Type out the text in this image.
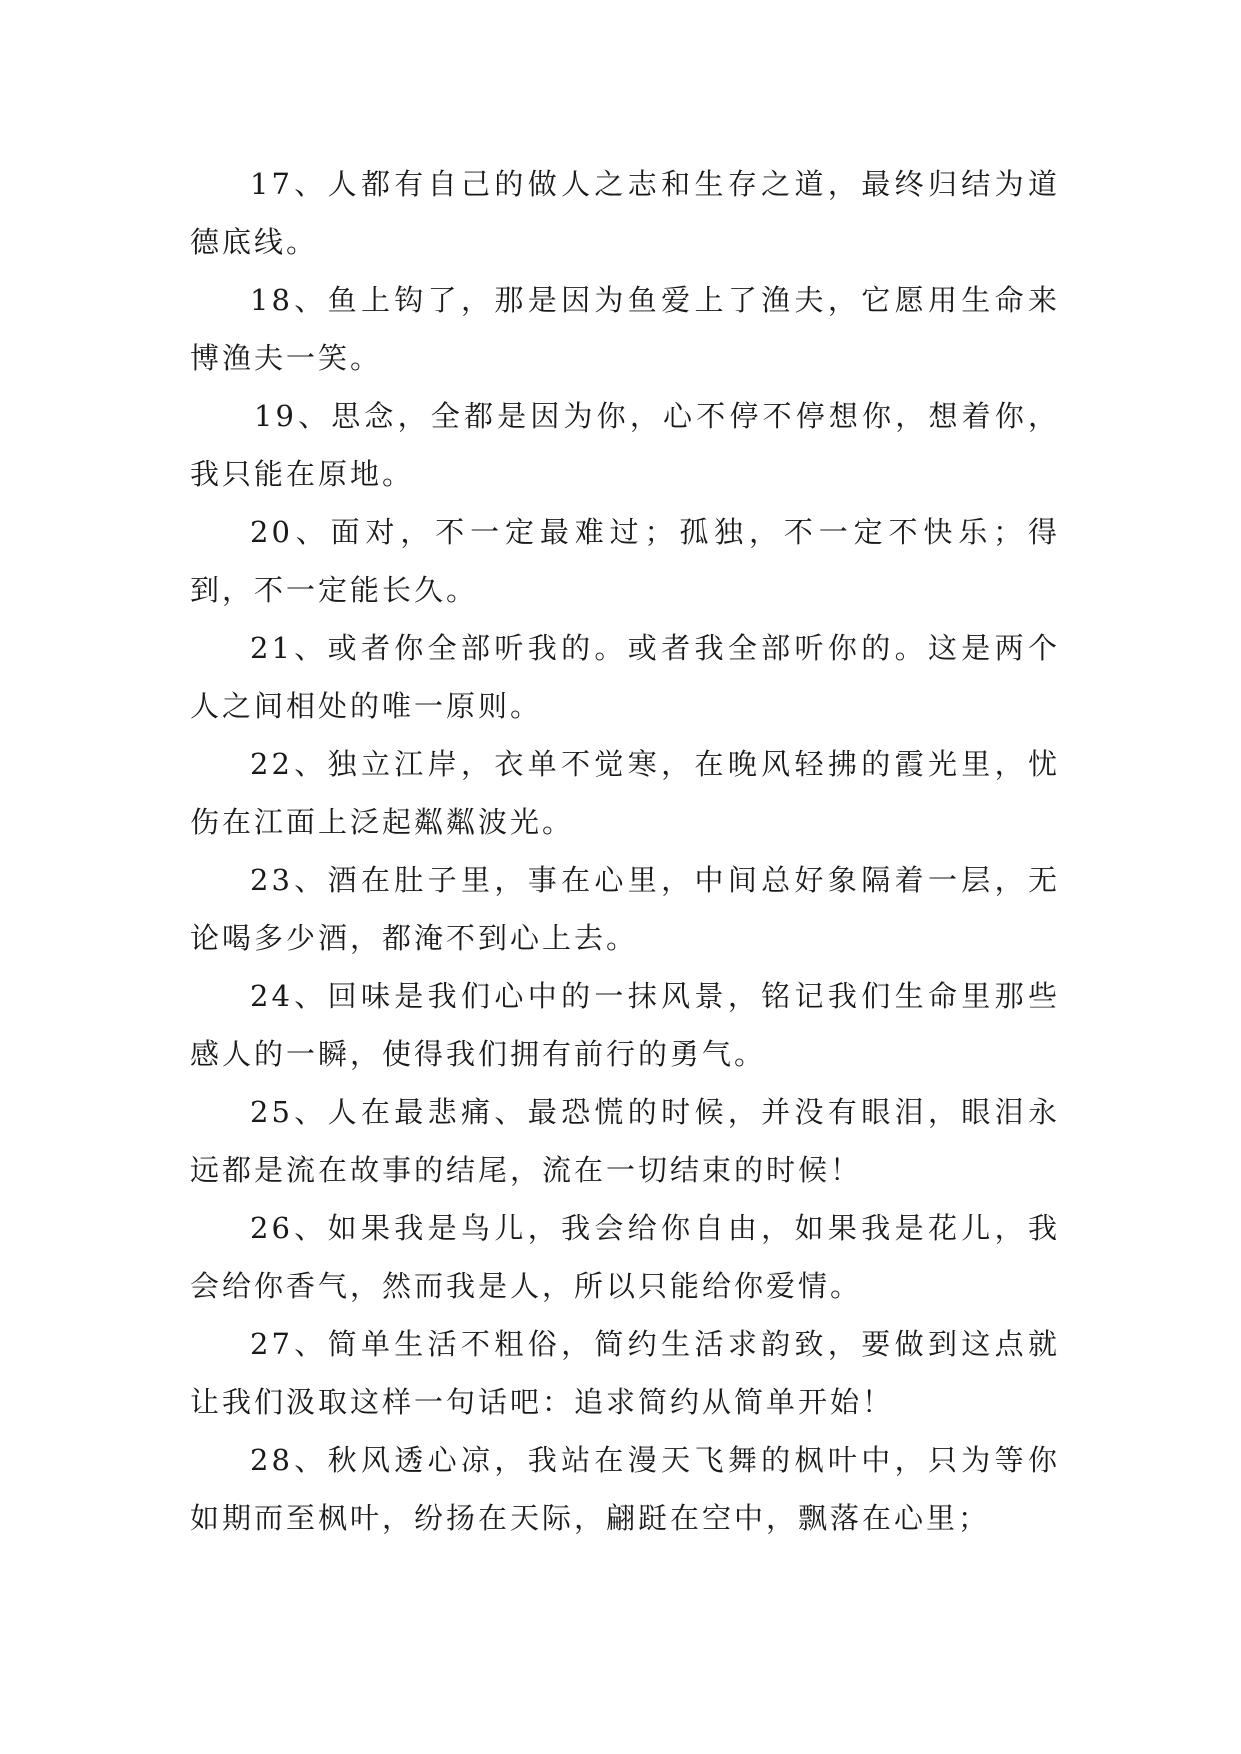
17、人都有自己的做人之志和生存之道，最终归结为道德底线。

18、鱼上钩了，那是因为鱼爱上了渔夫，它愿用生命来博渔夫一笑。

19、思念，全都是因为你，心不停不停想你，想着你，我只能在原地。

20、面对，不一定最难过；孤独，不一定不快乐；得到，不一定能长久。

21、或者你全部听我的。或者我全部听你的。这是两个人之间相处的唯一原则。

22、独立江岸，衣单不觉寒，在晚风轻拂的霞光里，忧伤在江面上泛起粼粼波光。

23、酒在肚子里，事在心里，中间总好象隔着一层，无论喝多少酒，都淹不到心上去。

24、回味是我们心中的一抹风景，铭记我们生命里那些感人的一瞬，使得我们拥有前行的勇气。

25、人在最悲痛、最恐慌的时候，并没有眼泪，眼泪永远都是流在故事的结尾，流在一切结束的时候！

26、如果我是鸟儿，我会给你自由，如果我是花儿，我会给你香气，然而我是人，所以只能给你爱情。

27、简单生活不粗俗，简约生活求韵致，要做到这点就让我们汲取这样一句话吧：追求简约从简单开始！

28、秋风透心凉，我站在漫天飞舞的枫叶中，只为等你如期而至枫叶，纷扬在天际，翩跹在空中，飘落在心里；
